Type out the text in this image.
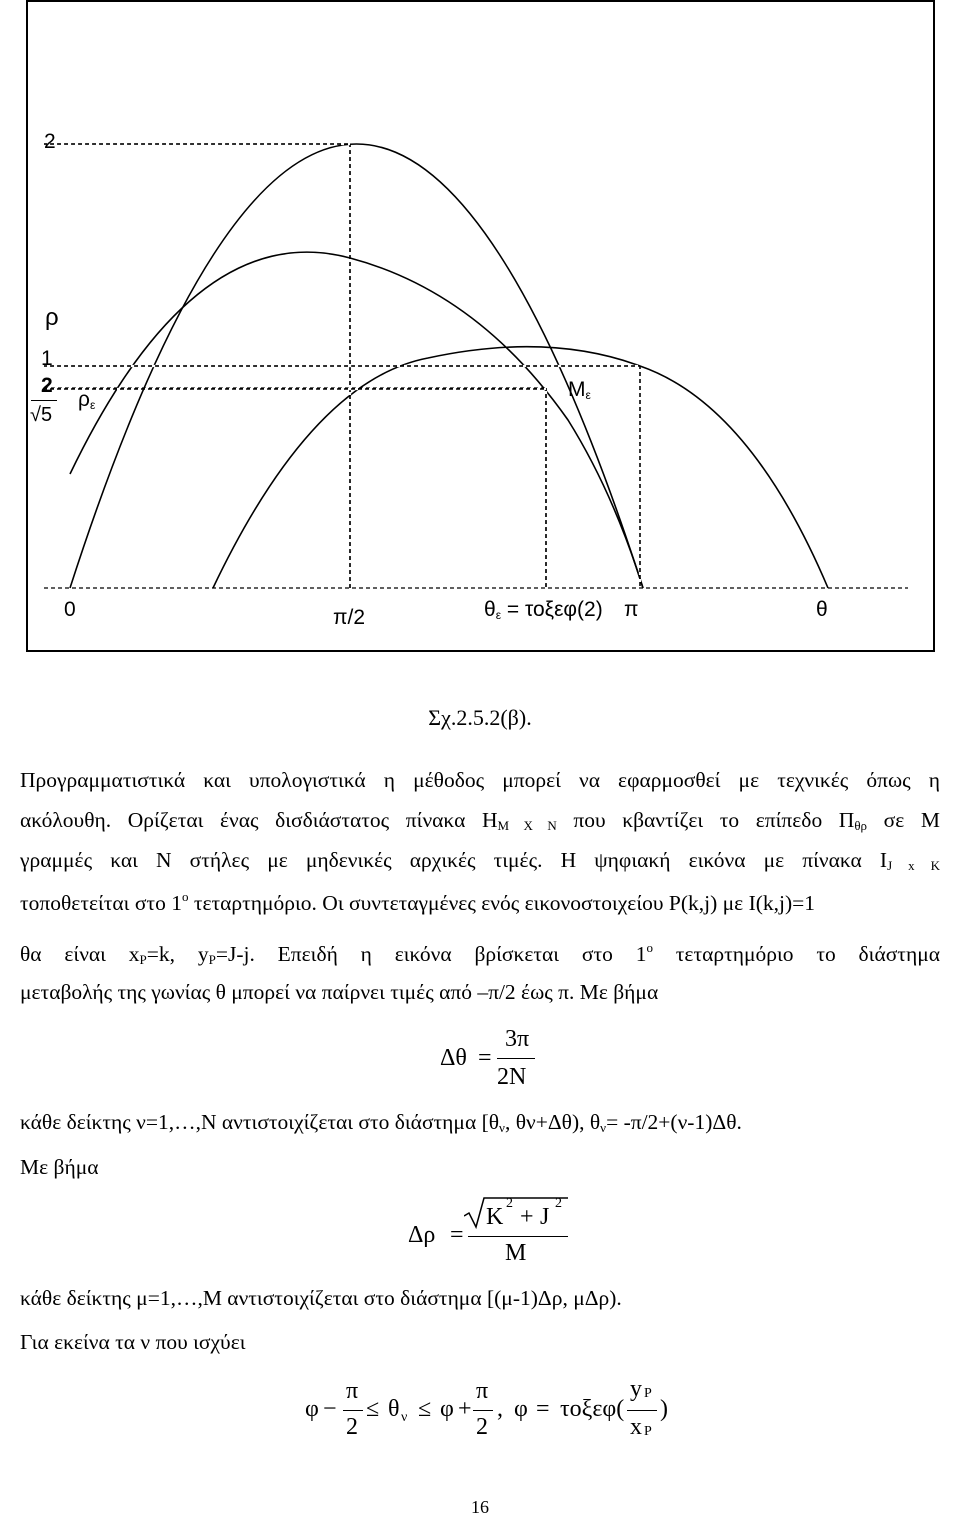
2
ρ
1
2
√5
$\rho_\varepsilon$
$M_\varepsilon$
0	π/2	$\theta_\varepsilon = \tau o\xi\varepsilon\varphi(2)$ π	θ
Σχ.2.5.2(β).
Προγραμματιστικά και υπολογιστικά η μέθοδος μπορεί να εφαρμοσθεί με τεχνικές όπως η
ακόλουθη. Ορίζεται ένας δισδιάστατος πίνακα HM X N που κβαντίζει το επίπεδο Πθρ σε M
γραμμές και N στήλες με μηδενικές αρχικές τιμές. Η ψηφιακή εικόνα με πίνακα IJ x K
τοποθετείται στο $1^o$ τεταρτημόριο. Οι συντεταγμένες ενός εικονοστοιχείου P(k,j) με I(k,j)=1
θα είναι xP=k, yP=J-j. Επειδή η εικόνα βρίσκεται στο $1^o$ τεταρτημόριο το διάστημα
μεταβολής της γωνίας θ μπορεί να παίρνει τιμές από –π/2 έως π. Με βήμα
Δθ =
3π
2N
κάθε δείκτης ν=1,…,N αντιστοιχίζεται στο διάστημα [θν, θν+Δθ), θν= -π/2+(ν-1)Δθ.
Με βήμα
Δρ =
K
2
+ J
2
M
κάθε δείκτης μ=1,…,M αντιστοιχίζεται στο διάστημα [(μ-1)Δρ, μΔρ).
Για εκείνα τα ν που ισχύει
φ −
π
2
≤ θ ν ≤ φ +
π
2
, φ = τοξεφ(
y P
x P
)
16
